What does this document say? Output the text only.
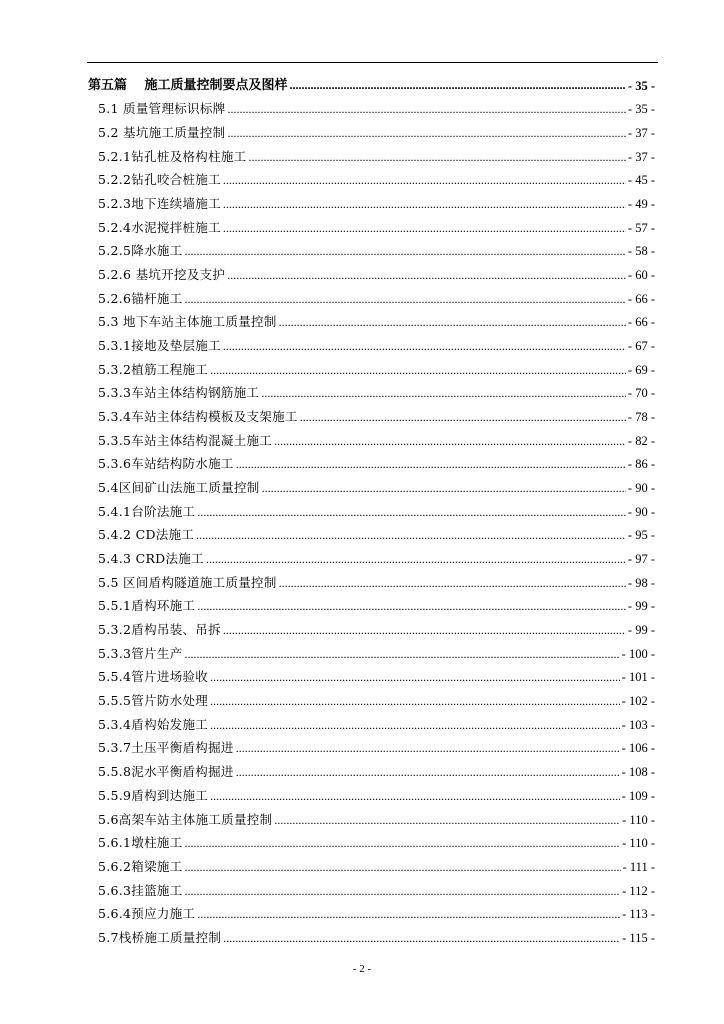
第五篇　 施工质量控制要点及图样 .....	- 35 -
5.1 质量管理标识标牌 .....	- 35 -
5.2 基坑施工质量控制 .....	- 37 -
5.2.1钻孔桩及格构柱施工 .....	- 37 -
5.2.2钻孔咬合桩施工 .....	- 45 -
5.2.3地下连续墙施工 .....	- 49 -
5.2.4水泥搅拌桩施工 .....	- 57 -
5.2.5降水施工 .....	- 58 -
5.2.6 基坑开挖及支护 .....	- 60 -
5.2.6锚杆施工 .....	- 66 -
5.3 地下车站主体施工质量控制 .....	- 66 -
5.3.1接地及垫层施工 .....	- 67 -
5.3.2植筋工程施工 .....	- 69 -
5.3.3车站主体结构钢筋施工 .....	- 70 -
5.3.4车站主体结构模板及支架施工 .....	- 78 -
5.3.5车站主体结构混凝土施工 .....	- 82 -
5.3.6车站结构防水施工 .....	- 86 -
5.4区间矿山法施工质量控制 .....	- 90 -
5.4.1台阶法施工 .....	- 90 -
5.4.2 CD法施工 .....	- 95 -
5.4.3 CRD法施工 .....	- 97 -
5.5 区间盾构隧道施工质量控制 .....	- 98 -
5.5.1盾构环施工 .....	- 99 -
5.3.2盾构吊装、吊拆 .....	- 99 -
5.3.3管片生产 .....	- 100 -
5.5.4管片进场验收 .....	- 101 -
5.5.5管片防水处理 .....	- 102 -
5.3.4盾构始发施工 .....	- 103 -
5.3.7土压平衡盾构掘进 .....	- 106 -
5.5.8泥水平衡盾构掘进 .....	- 108 -
5.5.9盾构到达施工 .....	- 109 -
5.6高架车站主体施工质量控制 .....	- 110 -
5.6.1墩柱施工 .....	- 110 -
5.6.2箱梁施工 .....	- 111 -
5.6.3挂篮施工 .....	- 112 -
5.6.4预应力施工 .....	- 113 -
5.7栈桥施工质量控制 .....	- 115 -
- 2 -
